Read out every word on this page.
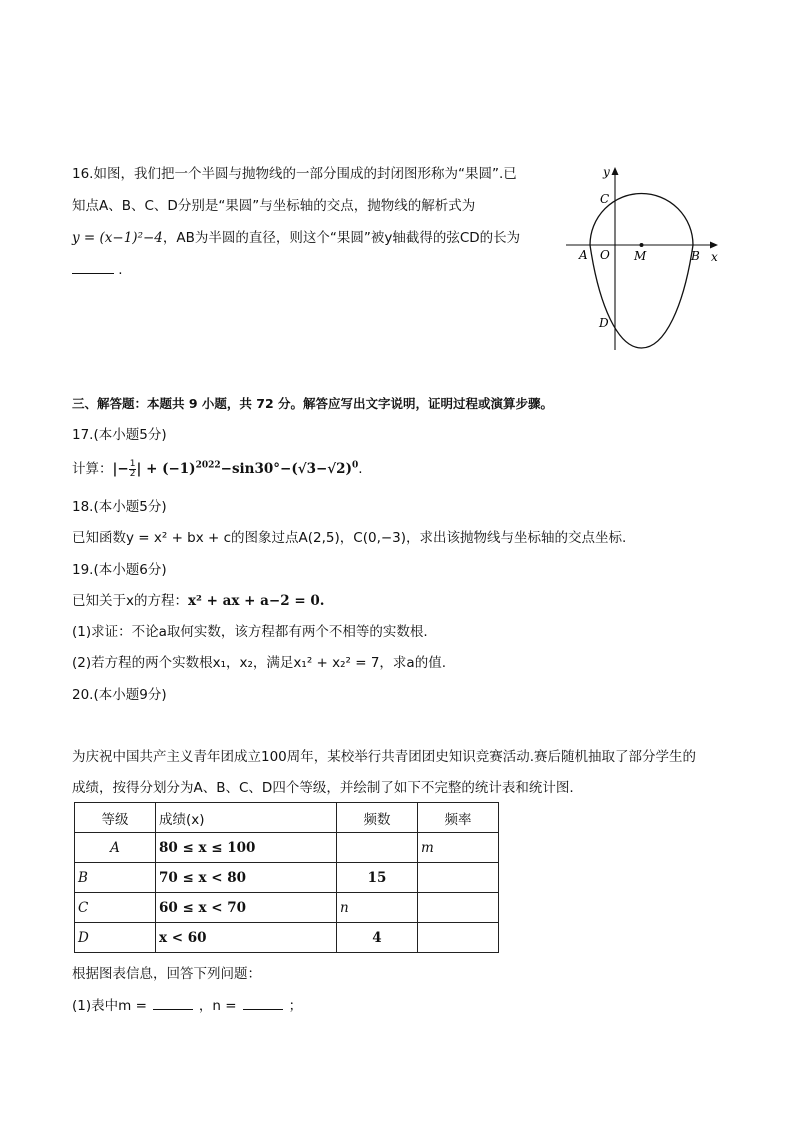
16.如图，我们把一个半圆与抛物线的一部分围成的封闭图形称为“果圆”.已
知点A、B、C、D分别是“果圆”与坐标轴的交点，抛物线的解析式为
y = (x−1)²−4，AB为半圆的直径，则这个“果圆”被y轴截得的弦CD的长为
.
y
x
C
A O M	B
D
三、解答题：本题共 9 小题，共 72 分。解答应写出文字说明，证明过程或演算步骤。
17.(本小题5分)
计算：|− $\frac{1}{2}$ | + $(-1)^{2022}-\sin 30^\circ-(√3-√2)^0$.
18.(本小题5分)
已知函数y = x² + bx + c的图象过点A(2,5)，C(0,−3)，求出该抛物线与坐标轴的交点坐标.
19.(本小题6分)
已知关于x的方程：x² + ax + a−2 = 0.
(1)求证：不论a取何实数，该方程都有两个不相等的实数根.
(2)若方程的两个实数根x₁，x₂，满足x₁² + x₂² = 7，求a的值.
20.(本小题9分)
为庆祝中国共产主义青年团成立100周年，某校举行共青团团史知识竞赛活动.赛后随机抽取了部分学生的
成绩，按得分划分为A、B、C、D四个等级，并绘制了如下不完整的统计表和统计图.
等级	成绩(x)	频数	频率
A	80 ≤ x ≤ 100		m
B	70 ≤ x < 80	15	
C	60 ≤ x < 70	n	
D	x < 60	4	
根据图表信息，回答下列问题：
(1)表中m =	，n =	；
